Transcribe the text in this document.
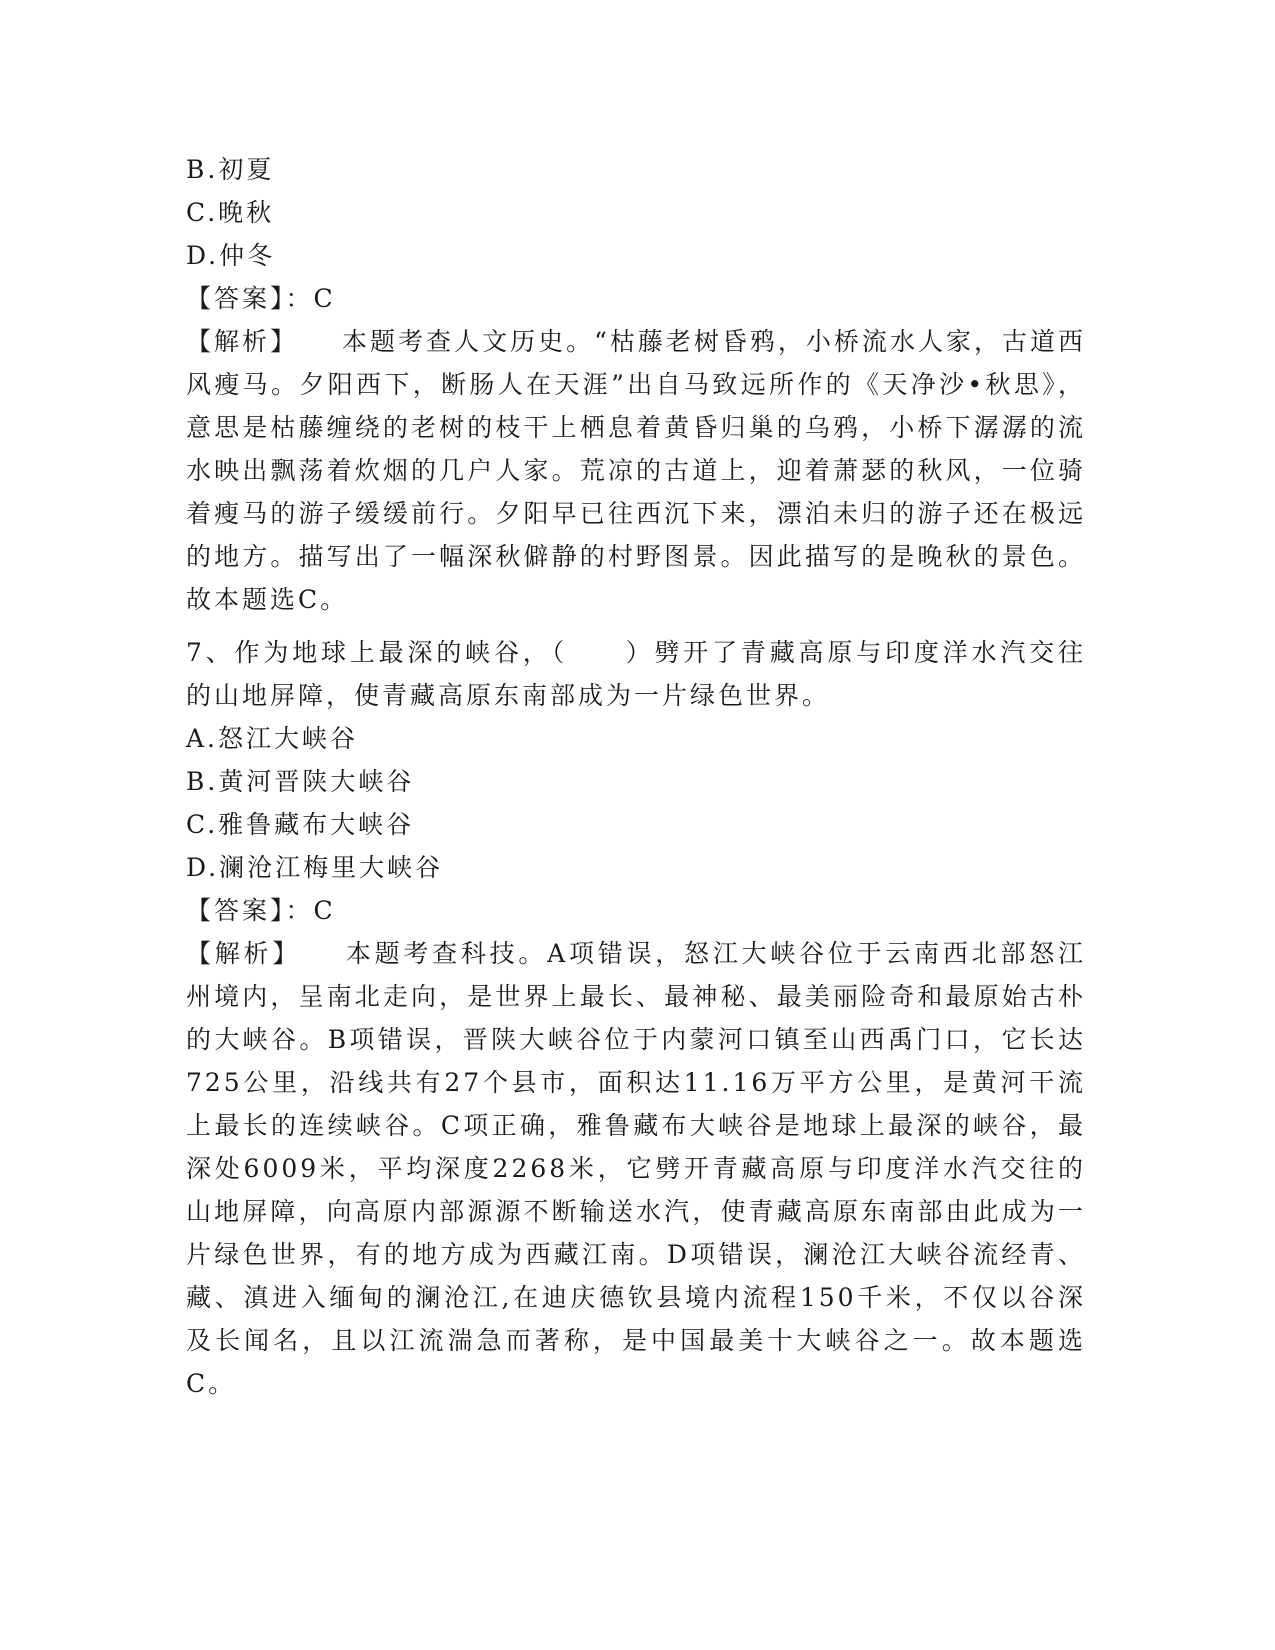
B.初夏
C.晚秋
D.仲冬
【答案】：C
【解析】 本题考查人文历史。“枯藤老树昏鸦，小桥流水人家，古道西风瘦马。夕阳西下，断肠人在天涯”出自马致远所作的《天净沙•秋思》，意思是枯藤缠绕的老树的枝干上栖息着黄昏归巢的乌鸦，小桥下潺潺的流水映出飘荡着炊烟的几户人家。荒凉的古道上，迎着萧瑟的秋风，一位骑着瘦马的游子缓缓前行。夕阳早已往西沉下来，漂泊未归的游子还在极远的地方。描写出了一幅深秋僻静的村野图景。因此描写的是晚秋的景色。故本题选C。
7、作为地球上最深的峡谷，（　　）劈开了青藏高原与印度洋水汽交往的山地屏障，使青藏高原东南部成为一片绿色世界。
A.怒江大峡谷
B.黄河晋陕大峡谷
C.雅鲁藏布大峡谷
D.澜沧江梅里大峡谷
【答案】：C
【解析】 本题考查科技。A项错误，怒江大峡谷位于云南西北部怒江州境内，呈南北走向，是世界上最长、最神秘、最美丽险奇和最原始古朴的大峡谷。B项错误，晋陕大峡谷位于内蒙河口镇至山西禹门口，它长达725公里，沿线共有27个县市，面积达11.16万平方公里，是黄河干流上最长的连续峡谷。C项正确，雅鲁藏布大峡谷是地球上最深的峡谷，最深处6009米，平均深度2268米，它劈开青藏高原与印度洋水汽交往的山地屏障，向高原内部源源不断输送水汽，使青藏高原东南部由此成为一片绿色世界，有的地方成为西藏江南。D项错误，澜沧江大峡谷流经青、藏、滇进入缅甸的澜沧江,在迪庆德钦县境内流程150千米，不仅以谷深及长闻名，且以江流湍急而著称，是中国最美十大峡谷之一。故本题选C。
